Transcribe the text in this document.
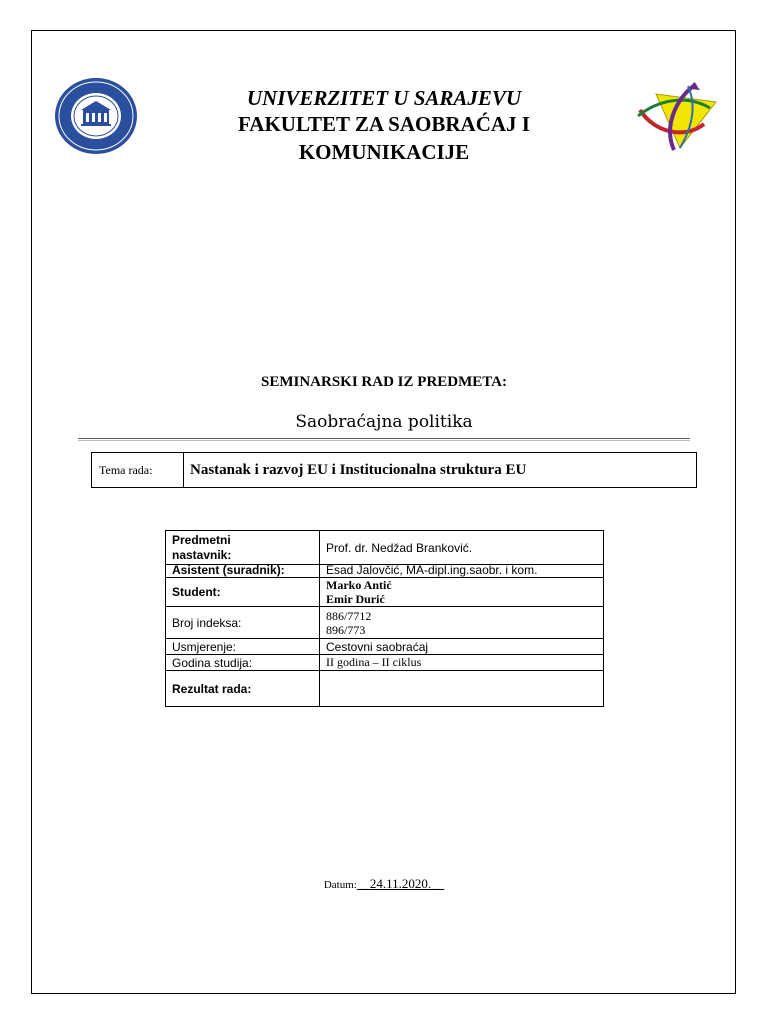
UNIVERZITET U SARAJEVU
FAKULTET ZA SAOBRAĆAJ I
KOMUNIKACIJE
SEMINARSKI RAD IZ PREDMETA:
Saobraćajna politika
Tema rada:	Nastanak i razvoj EU i Institucionalna struktura EU
Predmetni
nastavnik:	Prof. dr. Nedžad Branković.
Asistent (suradnik):	Esad Jalovčić, MA-dipl.ing.saobr. i kom.
Student:	Marko Antić
Emir Durić

Broj indeksa:	886/7712
896/773

Usmjerenje:	Cestovni saobraćaj
Godina studija:	II godina – II ciklus
Rezultat rada:	
Datum:__24.11.2020.__
